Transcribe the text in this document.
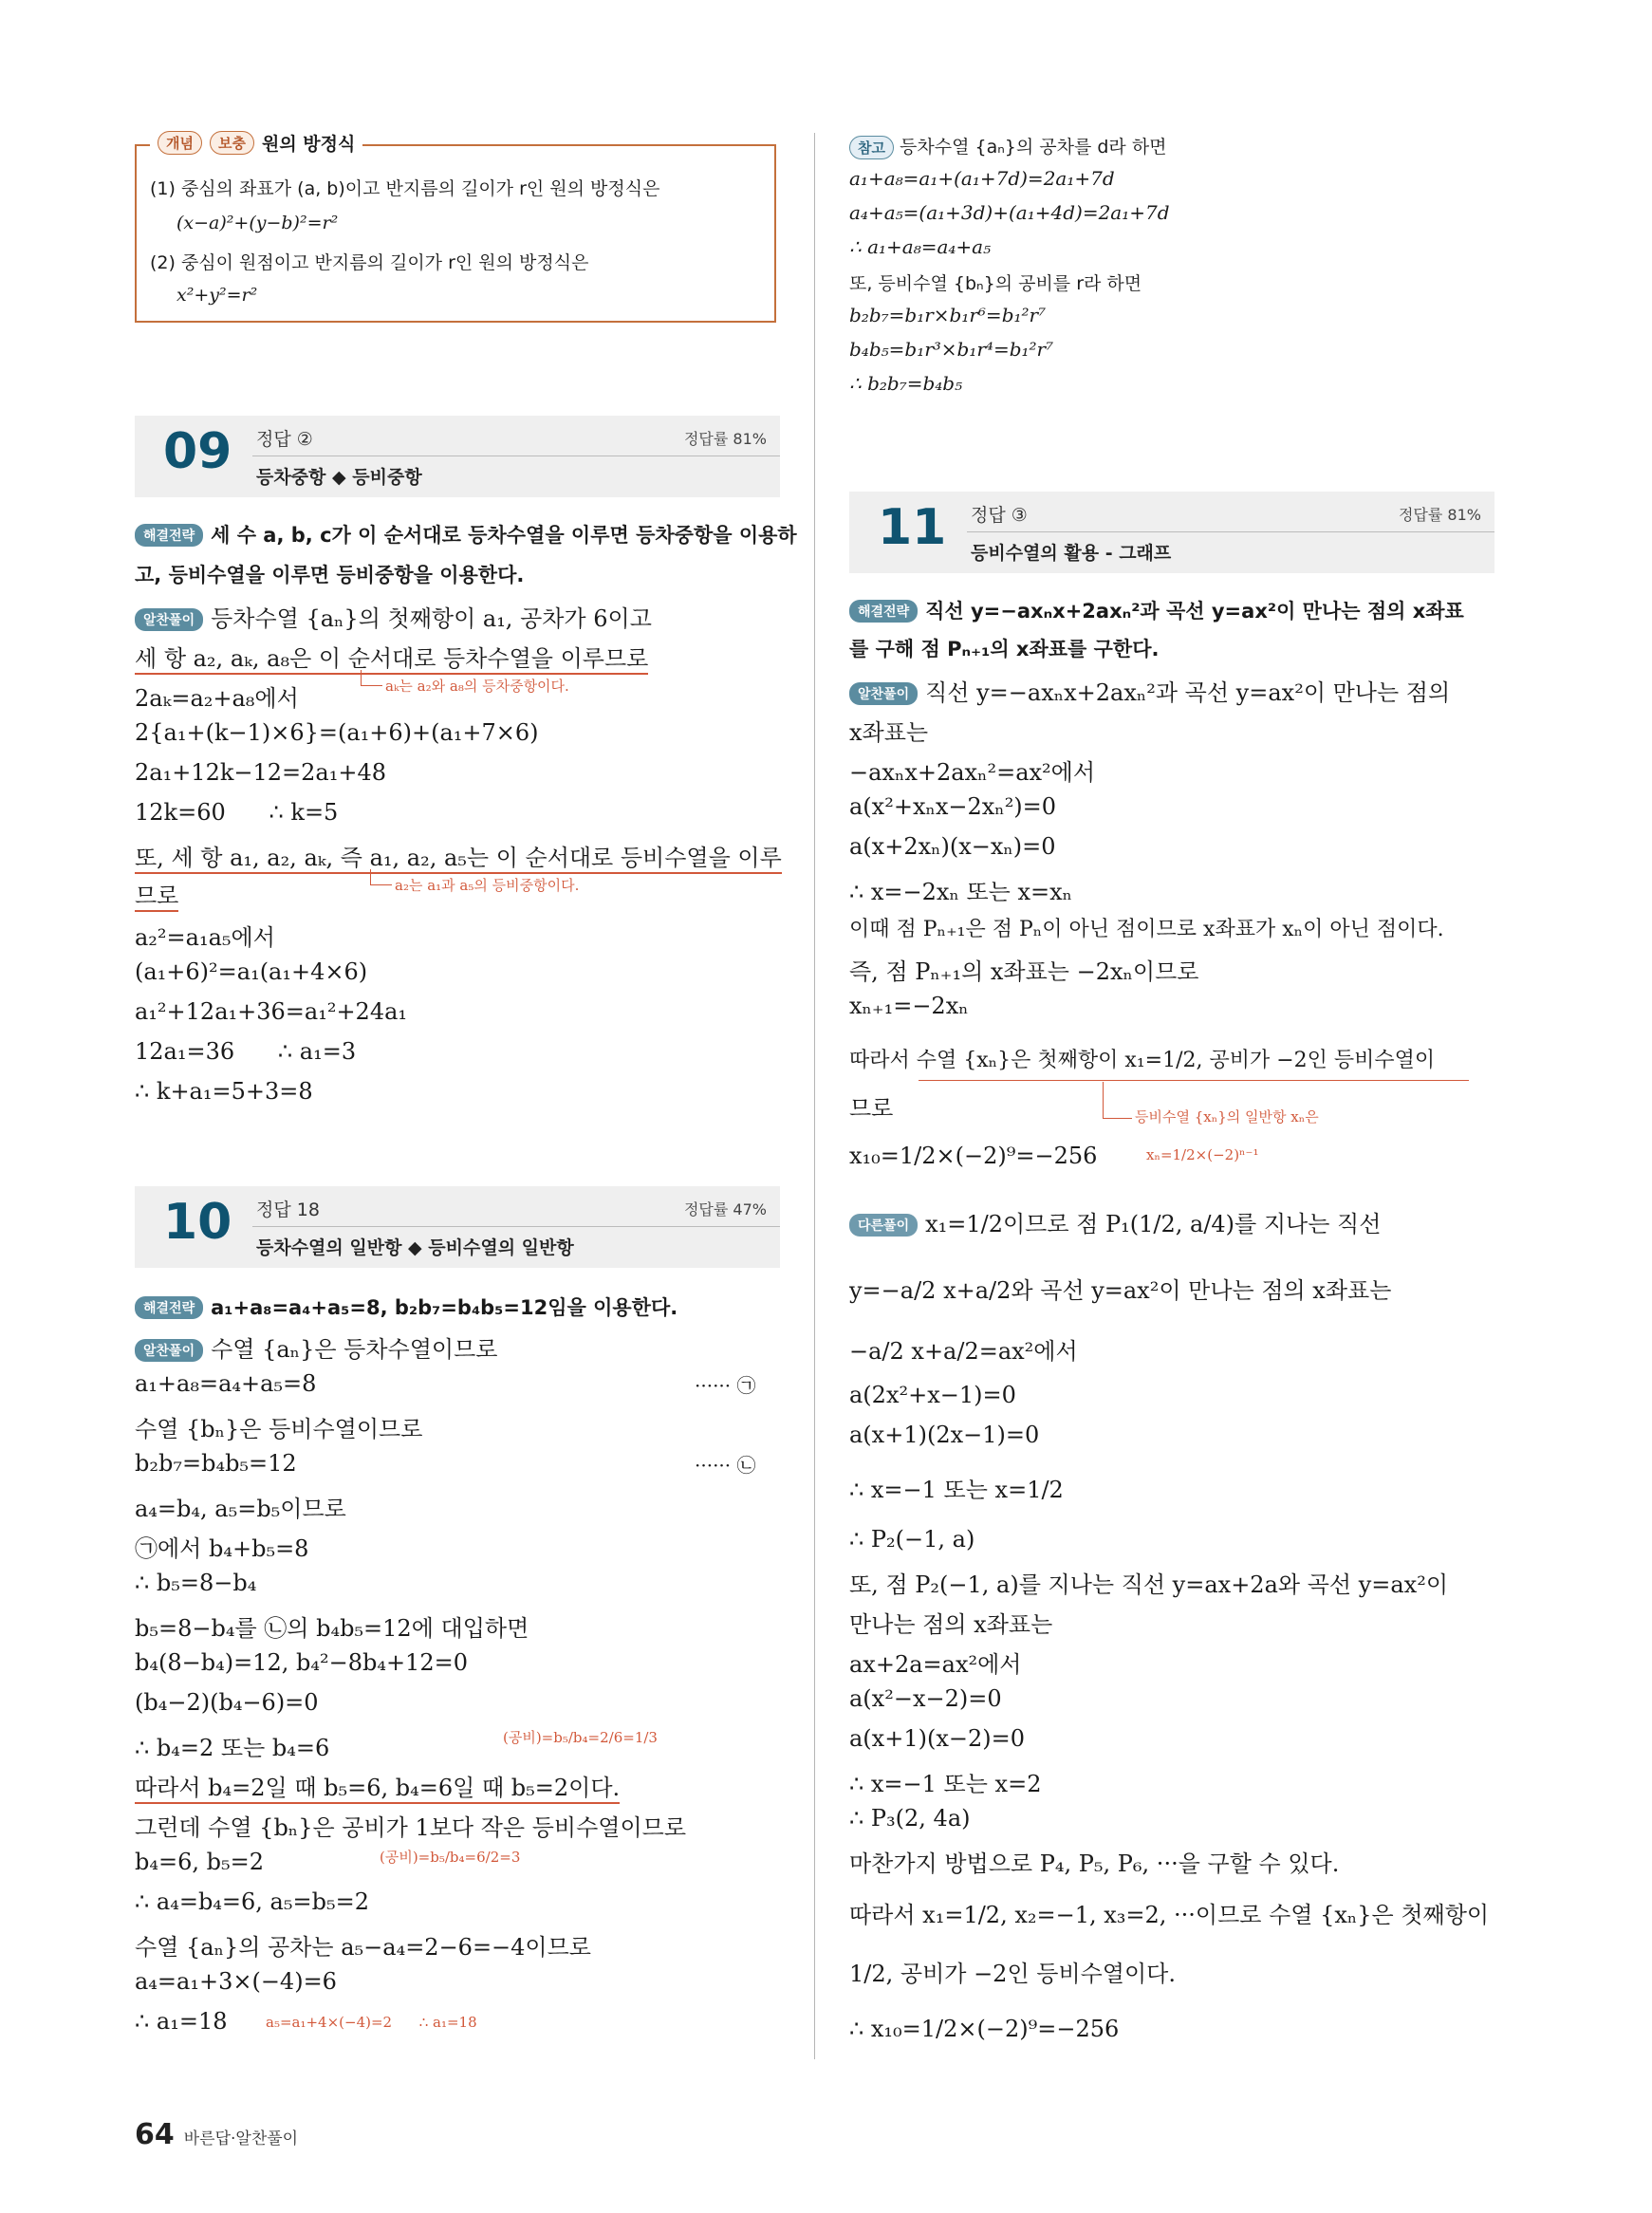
개념	보충 원의 방정식
(1) 중심의 좌표가 (a, b)이고 반지름의 길이가 r인 원의 방정식은
(x−a)²+(y−b)²=r²
(2) 중심이 원점이고 반지름의 길이가 r인 원의 방정식은
x²+y²=r²
09 정답 ②	정답률 81%
등차중항 ◆ 등비중항
해결전략 세 수 a, b, c가 이 순서대로 등차수열을 이루면 등차중항을 이용하
고, 등비수열을 이루면 등비중항을 이용한다.
알찬풀이 등차수열 {aₙ}의 첫째항이 a₁, 공차가 6이고
세 항 a₂, aₖ, a₈은 이 순서대로 등차수열을 이루므로
aₖ는 a₂와 a₈의 등차중항이다.
2aₖ=a₂+a₈에서
2{a₁+(k−1)×6}=(a₁+6)+(a₁+7×6)
2a₁+12k−12=2a₁+48
12k=60      ∴ k=5
또, 세 항 a₁, a₂, aₖ, 즉 a₁, a₂, a₅는 이 순서대로 등비수열을 이루
므로	a₂는 a₁과 a₅의 등비중항이다.
a₂²=a₁a₅에서
(a₁+6)²=a₁(a₁+4×6)
a₁²+12a₁+36=a₁²+24a₁
12a₁=36      ∴ a₁=3
∴ k+a₁=5+3=8
10 정답 18	정답률 47%
등차수열의 일반항 ◆ 등비수열의 일반항
해결전략 a₁+a₈=a₄+a₅=8, b₂b₇=b₄b₅=12임을 이용한다.
알찬풀이 수열 {aₙ}은 등차수열이므로
a₁+a₈=a₄+a₅=8	······ ㉠
수열 {bₙ}은 등비수열이므로
b₂b₇=b₄b₅=12	······ ㉡
a₄=b₄, a₅=b₅이므로
㉠에서 b₄+b₅=8
∴ b₅=8−b₄
b₅=8−b₄를 ㉡의 b₄b₅=12에 대입하면
b₄(8−b₄)=12, b₄²−8b₄+12=0
(b₄−2)(b₄−6)=0
∴ b₄=2 또는 b₄=6	(공비)=b₅/b₄=2/6=1/3
따라서 b₄=2일 때 b₅=6, b₄=6일 때 b₅=2이다.
그런데 수열 {bₙ}은 공비가 1보다 작은 등비수열이므로
b₄=6, b₅=2	(공비)=b₅/b₄=6/2=3
∴ a₄=b₄=6, a₅=b₅=2
수열 {aₙ}의 공차는 a₅−a₄=2−6=−4이므로
a₄=a₁+3×(−4)=6
∴ a₁=18	a₅=a₁+4×(−4)=2      ∴ a₁=18
참고 등차수열 {aₙ}의 공차를 d라 하면
a₁+a₈=a₁+(a₁+7d)=2a₁+7d
a₄+a₅=(a₁+3d)+(a₁+4d)=2a₁+7d
∴ a₁+a₈=a₄+a₅
또, 등비수열 {bₙ}의 공비를 r라 하면
b₂b₇=b₁r×b₁r⁶=b₁²r⁷
b₄b₅=b₁r³×b₁r⁴=b₁²r⁷
∴ b₂b₇=b₄b₅
11 정답 ③	정답률 81%
등비수열의 활용 - 그래프
해결전략 직선 y=−axₙx+2axₙ²과 곡선 y=ax²이 만나는 점의 x좌표
를 구해 점 Pₙ₊₁의 x좌표를 구한다.
알찬풀이 직선 y=−axₙx+2axₙ²과 곡선 y=ax²이 만나는 점의
x좌표는
−axₙx+2axₙ²=ax²에서
a(x²+xₙx−2xₙ²)=0
a(x+2xₙ)(x−xₙ)=0
∴ x=−2xₙ 또는 x=xₙ
이때 점 Pₙ₊₁은 점 Pₙ이 아닌 점이므로 x좌표가 xₙ이 아닌 점이다.
즉, 점 Pₙ₊₁의 x좌표는 −2xₙ이므로
xₙ₊₁=−2xₙ
따라서 수열 {xₙ}은 첫째항이 x₁=1/2, 공비가 −2인 등비수열이
므로	등비수열 {xₙ}의 일반항 xₙ은
x₁₀=1/2×(−2)⁹=−256	xₙ=1/2×(−2)ⁿ⁻¹
다른풀이 x₁=1/2이므로 점 P₁(1/2, a/4)를 지나는 직선
y=−a/2 x+a/2와 곡선 y=ax²이 만나는 점의 x좌표는
−a/2 x+a/2=ax²에서
a(2x²+x−1)=0
a(x+1)(2x−1)=0
∴ x=−1 또는 x=1/2
∴ P₂(−1, a)
또, 점 P₂(−1, a)를 지나는 직선 y=ax+2a와 곡선 y=ax²이
만나는 점의 x좌표는
ax+2a=ax²에서
a(x²−x−2)=0
a(x+1)(x−2)=0
∴ x=−1 또는 x=2
∴ P₃(2, 4a)
마찬가지 방법으로 P₄, P₅, P₆, ···을 구할 수 있다.
따라서 x₁=1/2, x₂=−1, x₃=2, ···이므로 수열 {xₙ}은 첫째항이
1/2, 공비가 −2인 등비수열이다.
∴ x₁₀=1/2×(−2)⁹=−256
64 바른답·알찬풀이
